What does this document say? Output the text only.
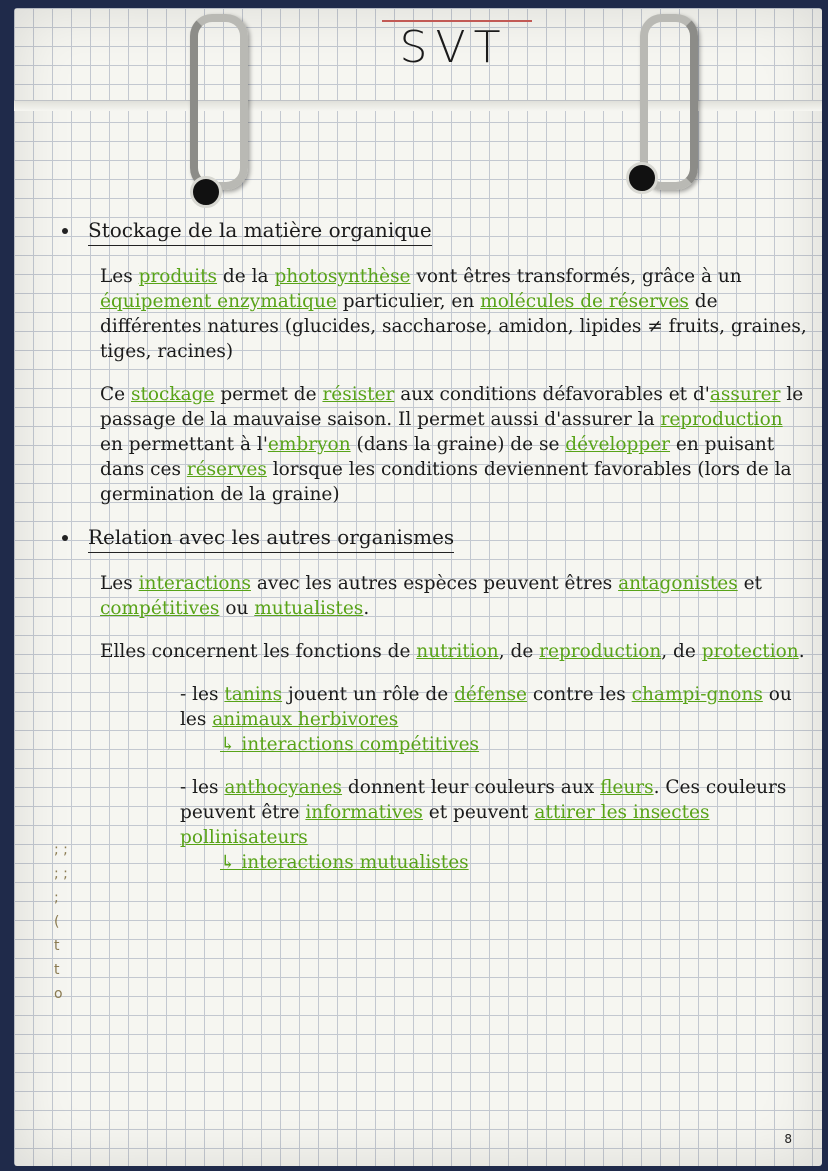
SVT
Stockage de la matière organique
Les produits de la photosynthèse vont êtres transformés, grâce à un équipement enzymatique particulier, en molécules de réserves de différentes natures (glucides, saccharose, amidon, lipides ≠ fruits, graines, tiges, racines)
Ce stockage permet de résister aux conditions défavorables et d'assurer le passage de la mauvaise saison. Il permet aussi d'assurer la reproduction en permettant à l'embryon (dans la graine) de se développer en puisant dans ces réserves lorsque les conditions deviennent favorables (lors de la germination de la graine)
Relation avec les autres organismes
Les interactions avec les autres espèces peuvent êtres antagonistes et compétitives ou mutualistes.
Elles concernent les fonctions de nutrition, de reproduction, de protection.
- les tanins jouent un rôle de défense contre les champi-gnons ou les animaux herbivores
↳ interactions compétitives
- les anthocyanes donnent leur couleurs aux fleurs. Ces couleurs peuvent être informatives et peuvent attirer les insectes pollinisateurs
↳ interactions mutualistes
; ; ; ; ; ( t t o
8
